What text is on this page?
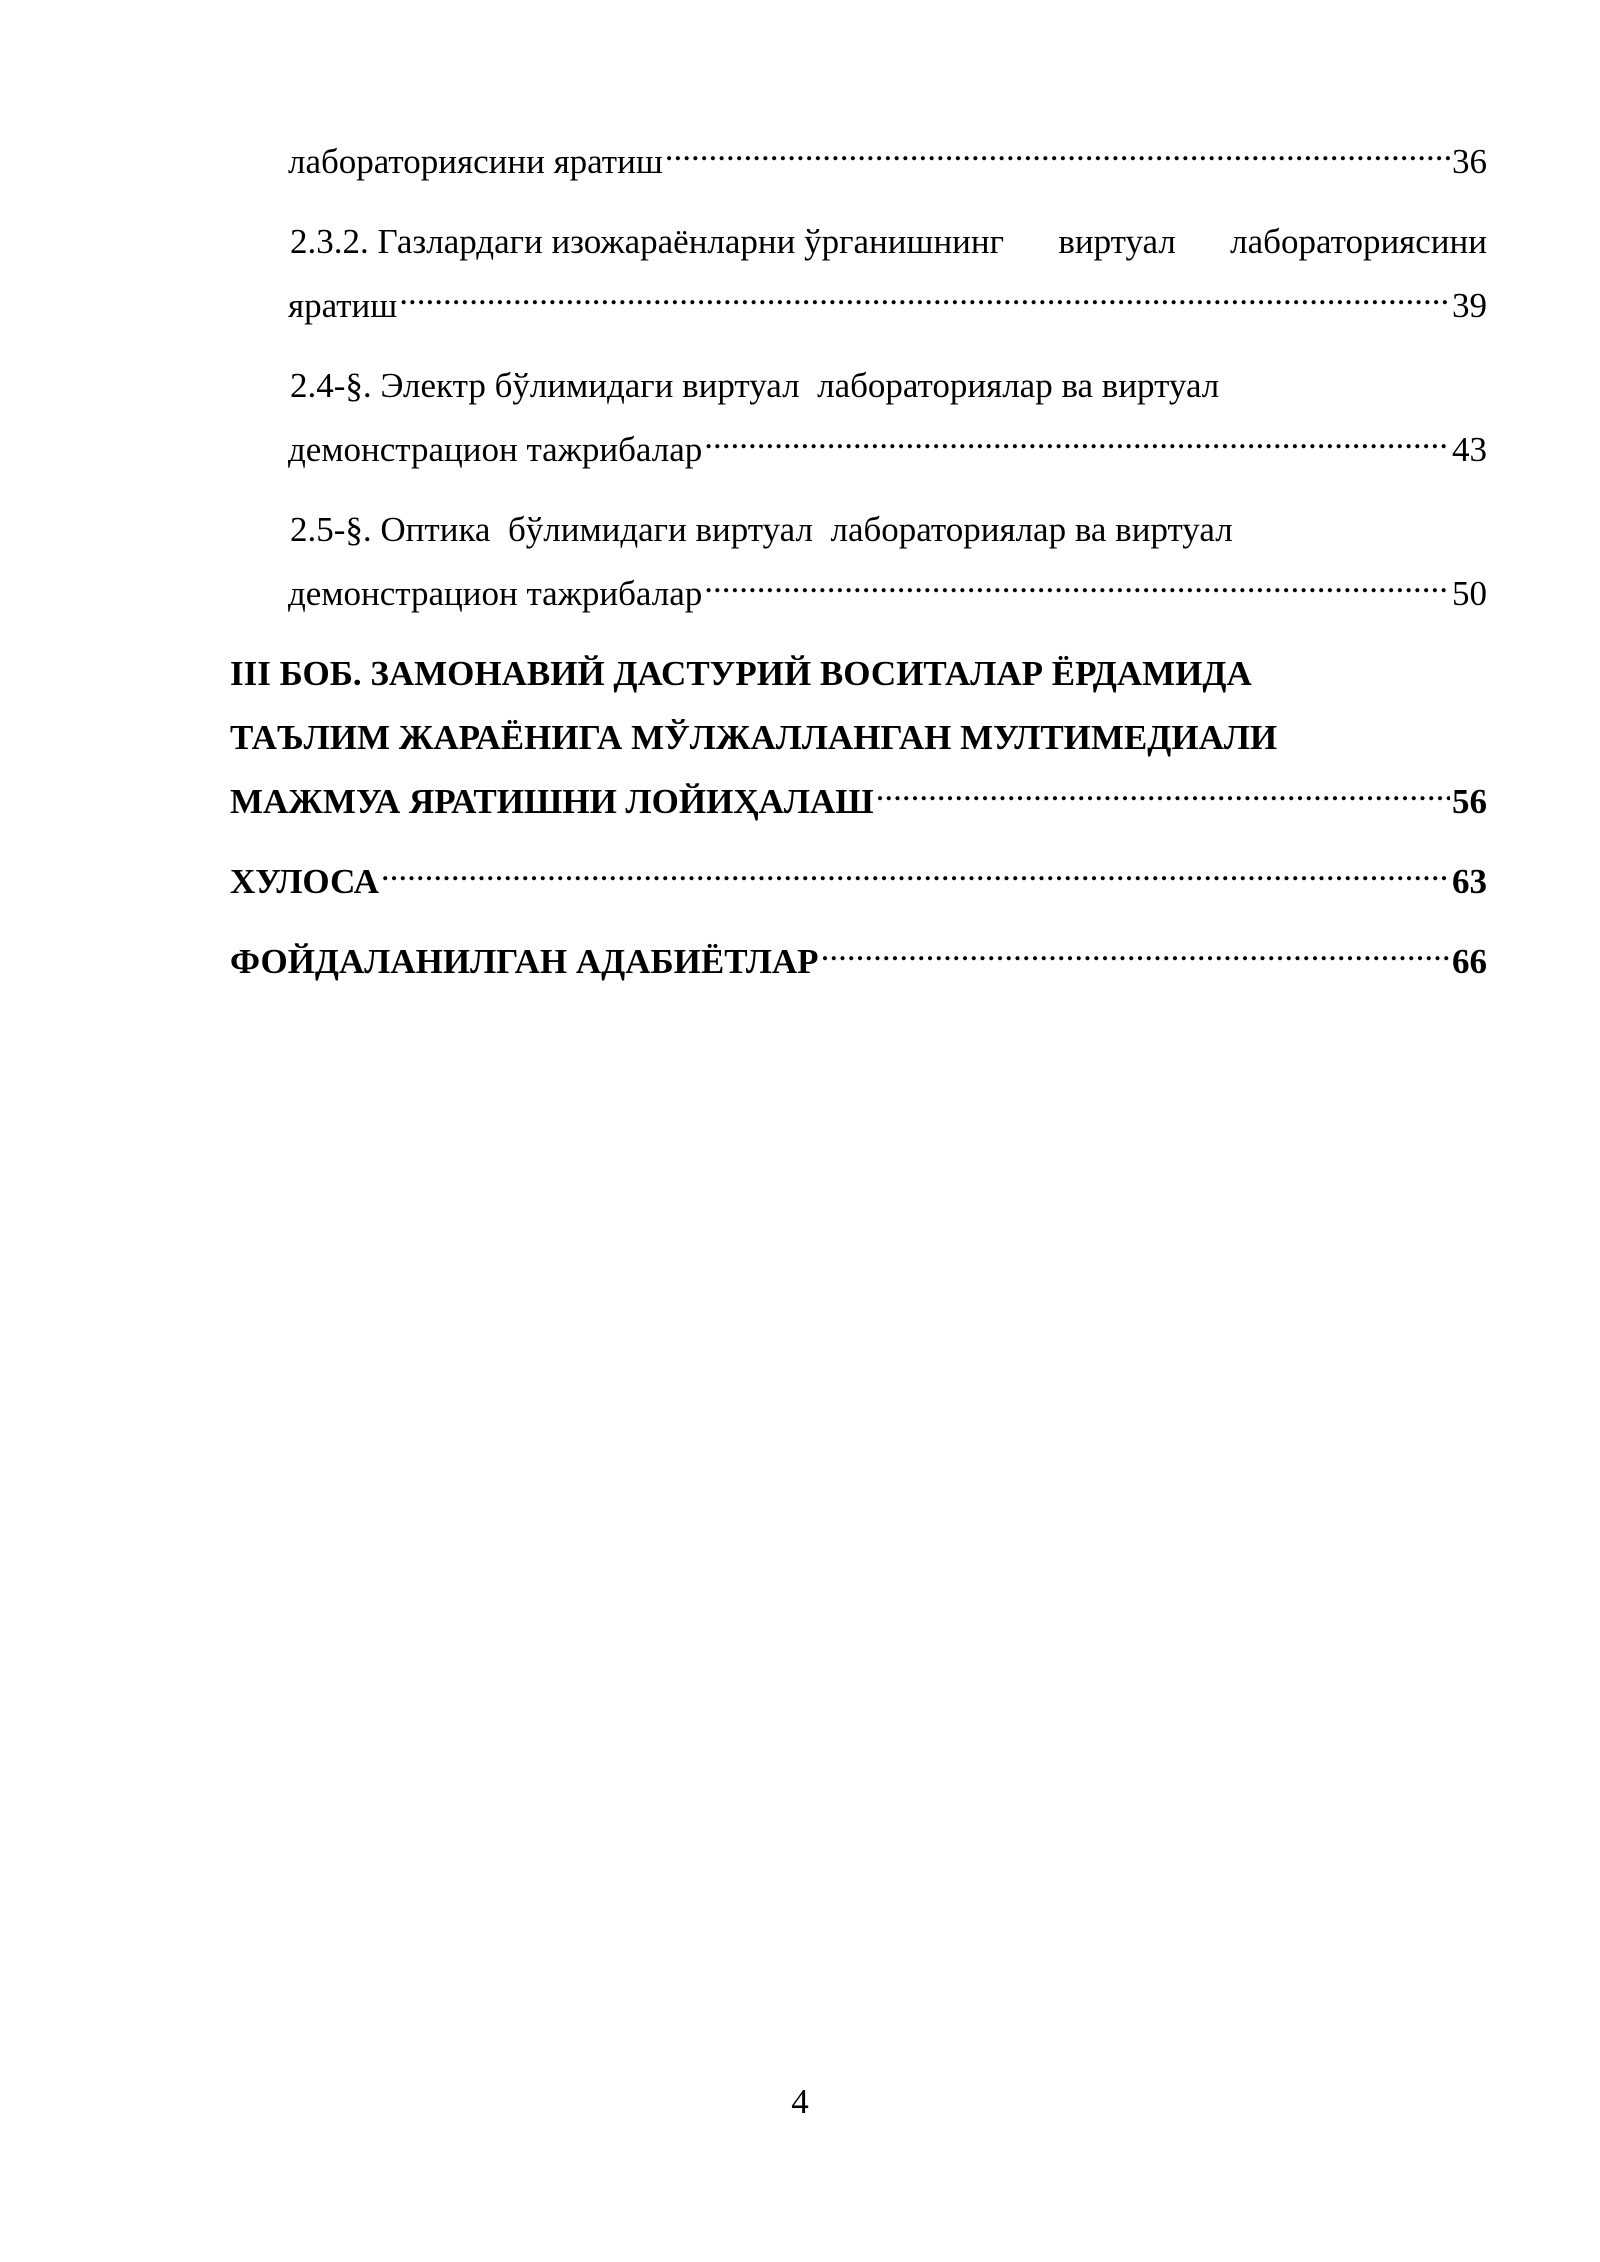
лабораториясини яратиш .....	36
2.3.2. Газлардаги изожараёнларни ўрганишнинг виртуал лабораториясини
яратиш .....	39
2.4-§. Электр бўлимидаги виртуал  лабораториялар ва виртуал
демонстрацион тажрибалар .....	43
2.5-§. Оптика  бўлимидаги виртуал  лабораториялар ва виртуал
демонстрацион тажрибалар .....	50
III БОБ. ЗАМОНАВИЙ ДАСТУРИЙ ВОСИТАЛАР ЁРДАМИДА
ТАЪЛИМ ЖАРАЁНИГА МЎЛЖАЛЛАНГАН МУЛТИМЕДИАЛИ
МАЖМУА ЯРАТИШНИ ЛОЙИҲАЛАШ .....	56
ХУЛОСА .....	63
ФОЙДАЛАНИЛГАН АДАБИЁТЛАР .....	66
4
